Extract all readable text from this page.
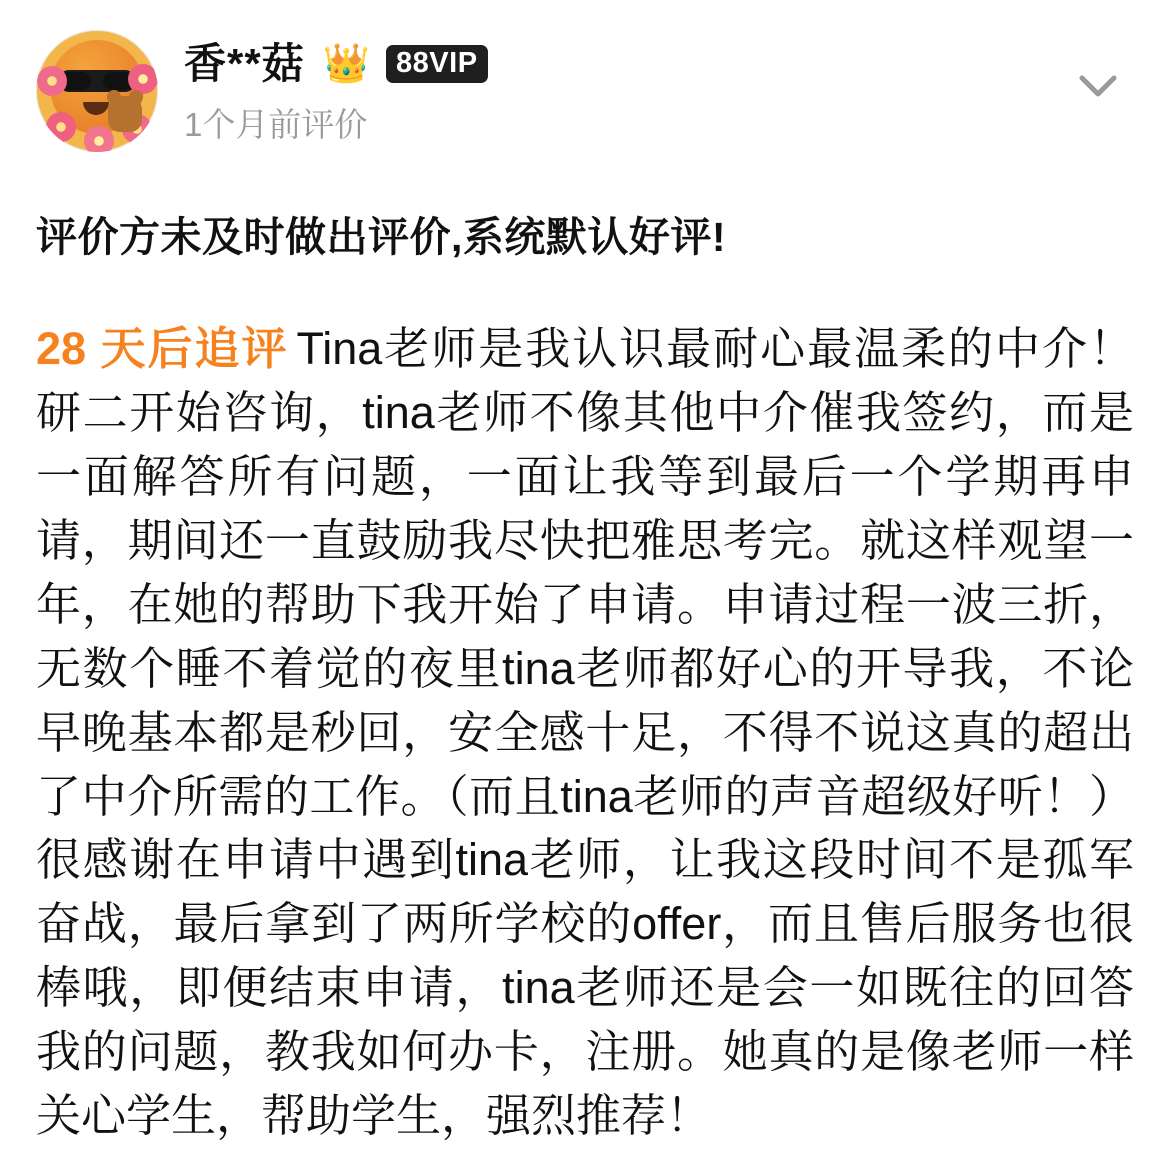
香**菇 👑 88VIP
1个月前评价
评价方未及时做出评价,系统默认好评!
28 天后追评 Tina老师是我认识最耐心最温柔的中介！研二开始咨询，tina老师不像其他中介催我签约，而是一面解答所有问题，一面让我等到最后一个学期再申请，期间还一直鼓励我尽快把雅思考完。就这样观望一年，在她的帮助下我开始了申请。申请过程一波三折，无数个睡不着觉的夜里tina老师都好心的开导我，不论早晚基本都是秒回，安全感十足，不得不说这真的超出了中介所需的工作。（而且tina老师的声音超级好听！）很感谢在申请中遇到tina老师，让我这段时间不是孤军奋战，最后拿到了两所学校的offer，而且售后服务也很棒哦，即便结束申请，tina老师还是会一如既往的回答我的问题，教我如何办卡，注册。她真的是像老师一样关心学生，帮助学生，强烈推荐！
